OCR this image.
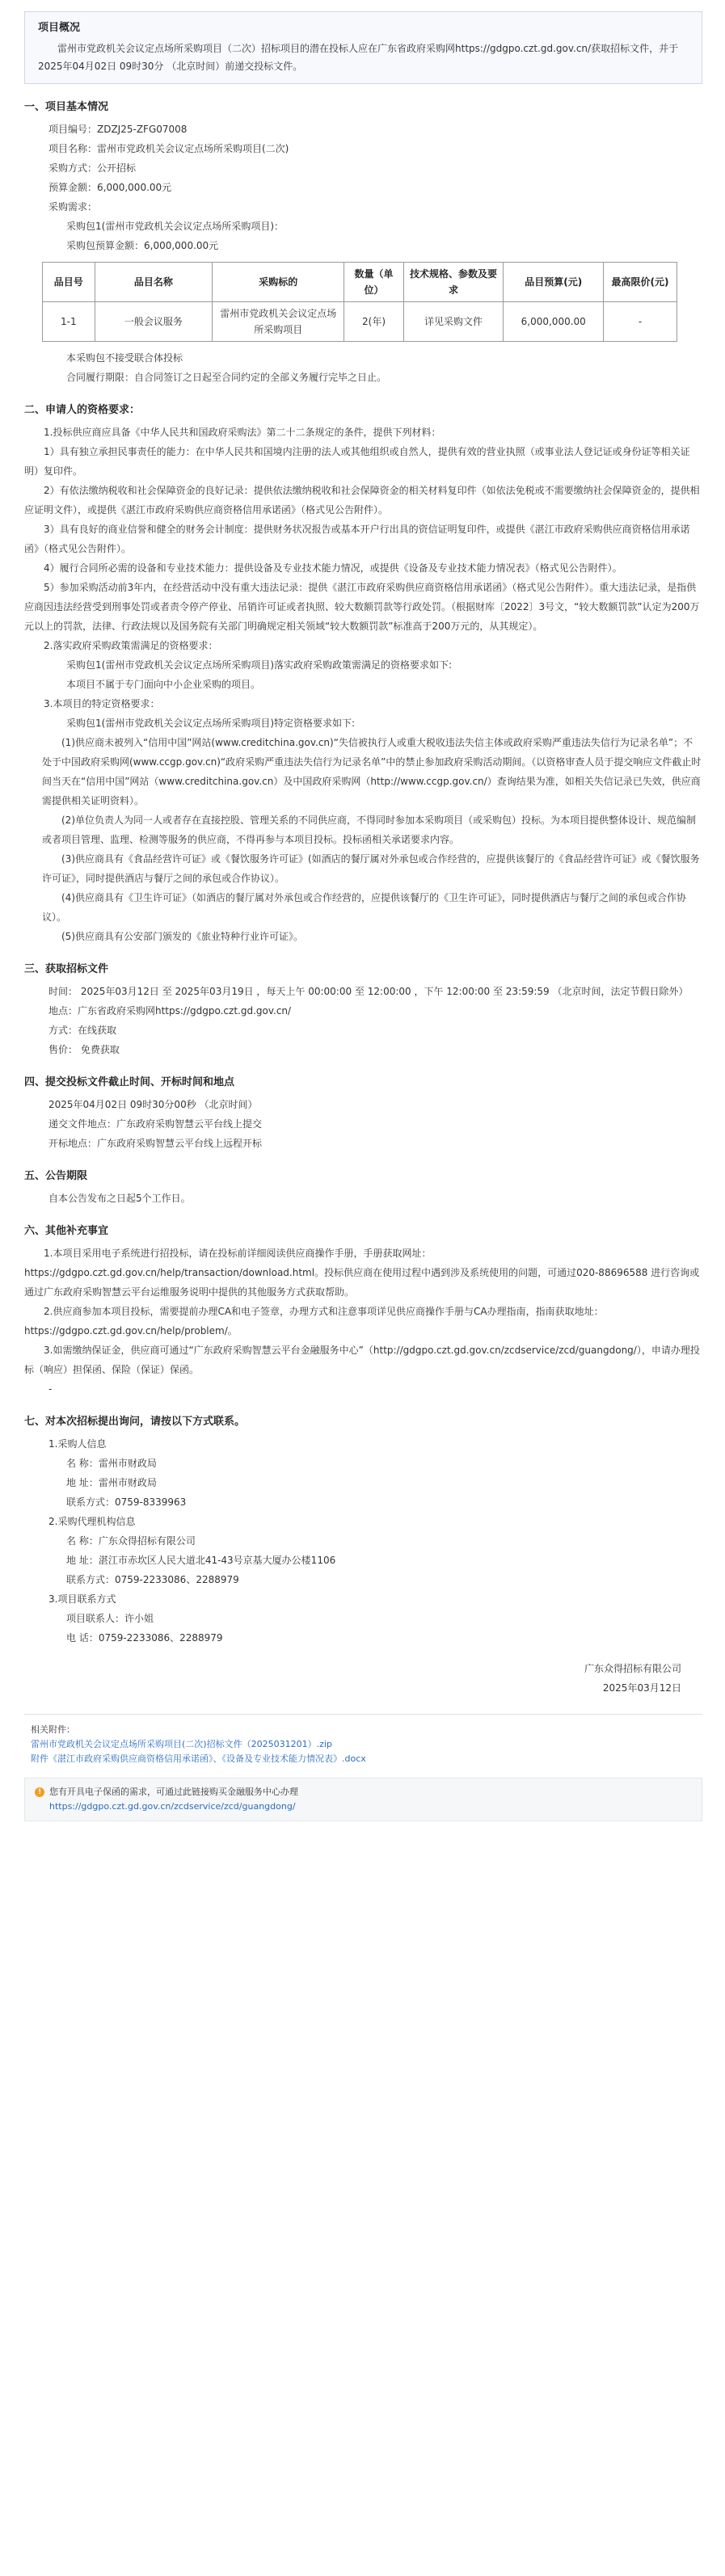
项目概况

雷州市党政机关会议定点场所采购项目（二次）招标项目的潜在投标人应在广东省政府采购网https://gdgpo.czt.gd.gov.cn/获取招标文件，并于 2025年04月02日 09时30分 （北京时间）前递交投标文件。

一、项目基本情况

项目编号：ZDZJ25-ZFG07008

项目名称：雷州市党政机关会议定点场所采购项目(二次)

采购方式：公开招标

预算金额：6,000,000.00元

采购需求：

采购包1(雷州市党政机关会议定点场所采购项目)：

采购包预算金额：6,000,000.00元

品目号	品目名称	采购标的	数量（单位）	技术规格、参数及要求	品目预算(元)	最高限价(元)
1-1	一般会议服务	雷州市党政机关会议定点场所采购项目	2(年)	详见采购文件	6,000,000.00	-

本采购包不接受联合体投标

合同履行期限：自合同签订之日起至合同约定的全部义务履行完毕之日止。

二、申请人的资格要求：

1.投标供应商应具备《中华人民共和国政府采购法》第二十二条规定的条件，提供下列材料：

1）具有独立承担民事责任的能力：在中华人民共和国境内注册的法人或其他组织或自然人，提供有效的营业执照（或事业法人登记证或身份证等相关证明）复印件。

2）有依法缴纳税收和社会保障资金的良好记录：提供依法缴纳税收和社会保障资金的相关材料复印件（如依法免税或不需要缴纳社会保障资金的，提供相应证明文件），或提供《湛江市政府采购供应商资格信用承诺函》（格式见公告附件）。

3）具有良好的商业信誉和健全的财务会计制度：提供财务状况报告或基本开户行出具的资信证明复印件，或提供《湛江市政府采购供应商资格信用承诺函》（格式见公告附件）。

4）履行合同所必需的设备和专业技术能力：提供设备及专业技术能力情况，或提供《设备及专业技术能力情况表》（格式见公告附件）。

5）参加采购活动前3年内，在经营活动中没有重大违法记录：提供《湛江市政府采购供应商资格信用承诺函》（格式见公告附件）。重大违法记录，是指供应商因违法经营受到刑事处罚或者责令停产停业、吊销许可证或者执照、较大数额罚款等行政处罚。（根据财库〔2022〕3号文，“较大数额罚款”认定为200万元以上的罚款，法律、行政法规以及国务院有关部门明确规定相关领域“较大数额罚款”标准高于200万元的，从其规定）。

2.落实政府采购政策需满足的资格要求：

采购包1(雷州市党政机关会议定点场所采购项目)落实政府采购政策需满足的资格要求如下:

本项目不属于专门面向中小企业采购的项目。

3.本项目的特定资格要求：

采购包1(雷州市党政机关会议定点场所采购项目)特定资格要求如下:

(1)供应商未被列入“信用中国”网站(www.creditchina.gov.cn)“失信被执行人或重大税收违法失信主体或政府采购严重违法失信行为记录名单”；不处于中国政府采购网(www.ccgp.gov.cn)“政府采购严重违法失信行为记录名单”中的禁止参加政府采购活动期间。（以资格审查人员于提交响应文件截止时间当天在“信用中国”网站（www.creditchina.gov.cn）及中国政府采购网（http://www.ccgp.gov.cn/）查询结果为准，如相关失信记录已失效，供应商需提供相关证明资料）。

(2)单位负责人为同一人或者存在直接控股、管理关系的不同供应商，不得同时参加本采购项目（或采购包）投标。为本项目提供整体设计、规范编制或者项目管理、监理、检测等服务的供应商，不得再参与本项目投标。投标函相关承诺要求内容。

(3)供应商具有《食品经营许可证》或《餐饮服务许可证》(如酒店的餐厅属对外承包或合作经营的，应提供该餐厅的《食品经营许可证》或《餐饮服务许可证》，同时提供酒店与餐厅之间的承包或合作协议）。

(4)供应商具有《卫生许可证》（如酒店的餐厅属对外承包或合作经营的，应提供该餐厅的《卫生许可证》，同时提供酒店与餐厅之间的承包或合作协议）。

(5)供应商具有公安部门颁发的《旅业特种行业许可证》。

三、获取招标文件

时间： 2025年03月12日 至 2025年03月19日 ，每天上午 00:00:00 至 12:00:00 ，下午 12:00:00 至 23:59:59 （北京时间，法定节假日除外）

地点：广东省政府采购网https://gdgpo.czt.gd.gov.cn/

方式：在线获取

售价： 免费获取

四、提交投标文件截止时间、开标时间和地点

2025年04月02日 09时30分00秒 （北京时间）

递交文件地点：广东政府采购智慧云平台线上提交

开标地点：广东政府采购智慧云平台线上远程开标

五、公告期限

自本公告发布之日起5个工作日。

六、其他补充事宜

1.本项目采用电子系统进行招投标，请在投标前详细阅读供应商操作手册，手册获取网址：https://gdgpo.czt.gd.gov.cn/help/transaction/download.html。投标供应商在使用过程中遇到涉及系统使用的问题，可通过020-88696588 进行咨询或通过广东政府采购智慧云平台运维服务说明中提供的其他服务方式获取帮助。

2.供应商参加本项目投标，需要提前办理CA和电子签章，办理方式和注意事项详见供应商操作手册与CA办理指南，指南获取地址：https://gdgpo.czt.gd.gov.cn/help/problem/。

3.如需缴纳保证金，供应商可通过“广东政府采购智慧云平台金融服务中心”（http://gdgpo.czt.gd.gov.cn/zcdservice/zcd/guangdong/），申请办理投标（响应）担保函、保险（保证）保函。

-

七、对本次招标提出询问，请按以下方式联系。

1.采购人信息

名 称：雷州市财政局

地 址：雷州市财政局

联系方式：0759-8339963

2.采购代理机构信息

名 称：广东众得招标有限公司

地 址：湛江市赤坎区人民大道北41-43号京基大厦办公楼1106

联系方式：0759-2233086、2288979

3.项目联系方式

项目联系人：许小姐

电 话：0759-2233086、2288979

广东众得招标有限公司

2025年03月12日

相关附件：
雷州市党政机关会议定点场所采购项目(二次)招标文件（2025031201）.zip
附件《湛江市政府采购供应商资格信用承诺函》、《设备及专业技术能力情况表》.docx
! 您有开具电子保函的需求，可通过此链接购买金融服务中心办理
https://gdgpo.czt.gd.gov.cn/zcdservice/zcd/guangdong/
